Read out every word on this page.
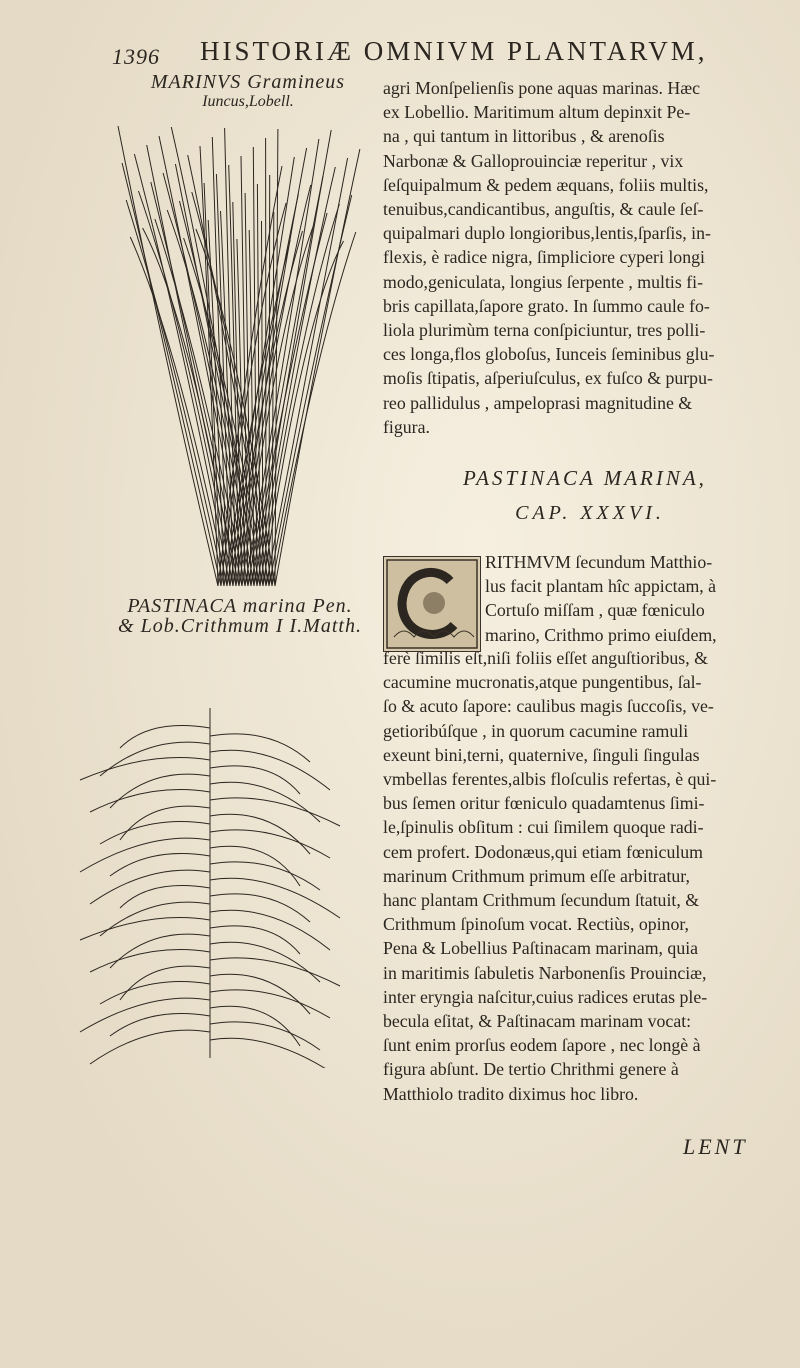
1396 HISTORIÆ OMNIVM PLANTARVM,
MARINVS Gramineus
Iuncus,Lobell.
PASTINACA marina Pen.
& Lob.Crithmum I I.Matth.
agri Monſpelienſis pone aquas marinas. Hæc
ex Lobellio. Maritimum altum depinxit Pe-
na , qui tantum in littoribus , & arenoſis
Narbonæ & Galloprouinciæ reperitur , vix
ſeſquipalmum & pedem æquans, foliis multis,
tenuibus,candicantibus, anguſtis, & caule ſeſ-
quipalmari duplo longioribus,lentis,ſparſis, in-
flexis, è radice nigra, ſimpliciore cyperi longi
modo,geniculata, longius ſerpente , multis fi-
bris capillata,ſapore grato. In ſummo caule fo-
liola plurimùm terna conſpiciuntur, tres polli-
ces longa,flos globoſus, Iunceis ſeminibus glu-
moſis ſtipatis, aſperiuſculus, ex fuſco & purpu-
reo pallidulus , ampeloprasi magnitudine &
figura.
PASTINACA MARINA,
CAP. XXXVI.
RITHMVM ſecundum Matthio-
lus facit plantam hîc appictam, à
Cortuſo miſſam , quæ fœniculo
marino, Crithmo primo eiuſdem,
ferè ſimilis eſt,niſi foliis eſſet anguſtioribus, &
cacumine mucronatis,atque pungentibus, ſal-
ſo & acuto ſapore: caulibus magis ſuccoſis, ve-
getioribúſque , in quorum cacumine ramuli
exeunt bini,terni, quaternive, ſinguli ſingulas
vmbellas ferentes,albis floſculis refertas, è qui-
bus ſemen oritur fœniculo quadamtenus ſimi-
le,ſpinulis obſitum : cui ſimilem quoque radi-
cem profert. Dodonæus,qui etiam fœniculum
marinum Crithmum primum eſſe arbitratur,
hanc plantam Crithmum ſecundum ſtatuit, &
Crithmum ſpinoſum vocat. Rectiùs, opinor,
Pena & Lobellius Paſtinacam marinam, quia
in maritimis ſabuletis Narbonenſis Prouinciæ,
inter eryngia naſcitur,cuius radices erutas ple-
becula eſitat, & Paſtinacam marinam vocat:
ſunt enim prorſus eodem ſapore , nec longè à
figura abſunt. De tertio Chrithmi genere à
Matthiolo tradito diximus hoc libro.
LENT
